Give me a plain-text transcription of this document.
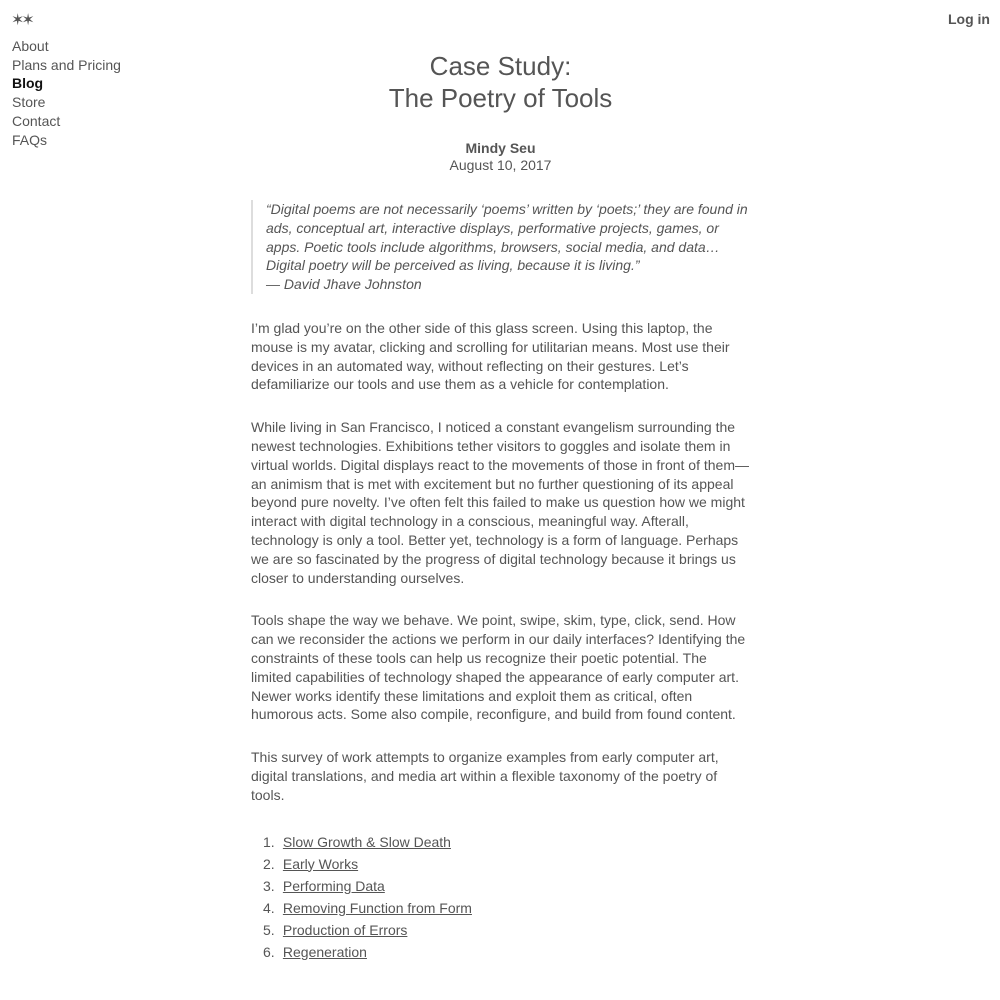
✶✶	Log in
About
Plans and Pricing
Blog
Store
Contact
FAQs
Case Study:
The Poetry of Tools
Mindy Seu
August 10, 2017
“Digital poems are not necessarily ‘poems’ written by ‘poets;’ they are found in ads, conceptual art, interactive displays, performative projects, games, or apps. Poetic tools include algorithms, browsers, social media, and data… Digital poetry will be perceived as living, because it is living.”
— David Jhave Johnston

I’m glad you’re on the other side of this glass screen. Using this laptop, the mouse is my avatar, clicking and scrolling for utilitarian means. Most use their devices in an automated way, without reflecting on their gestures. Let’s defamiliarize our tools and use them as a vehicle for contemplation.

While living in San Francisco, I noticed a constant evangelism surrounding the newest technologies. Exhibitions tether visitors to goggles and isolate them in virtual worlds. Digital displays react to the movements of those in front of them—an animism that is met with excitement but no further questioning of its appeal beyond pure novelty. I’ve often felt this failed to make us question how we might interact with digital technology in a conscious, meaningful way. Afterall, technology is only a tool. Better yet, technology is a form of language. Perhaps we are so fascinated by the progress of digital technology because it brings us closer to understanding ourselves.

Tools shape the way we behave. We point, swipe, skim, type, click, send. How can we reconsider the actions we perform in our daily interfaces? Identifying the constraints of these tools can help us recognize their poetic potential. The limited capabilities of technology shaped the appearance of early computer art. Newer works identify these limitations and exploit them as critical, often humorous acts. Some also compile, reconfigure, and build from found content.

This survey of work attempts to organize examples from early computer art, digital translations, and media art within a flexible taxonomy of the poetry of tools.

1. Slow Growth & Slow Death
2. Early Works
3. Performing Data
4. Removing Function from Form
5. Production of Errors
6. Regeneration
